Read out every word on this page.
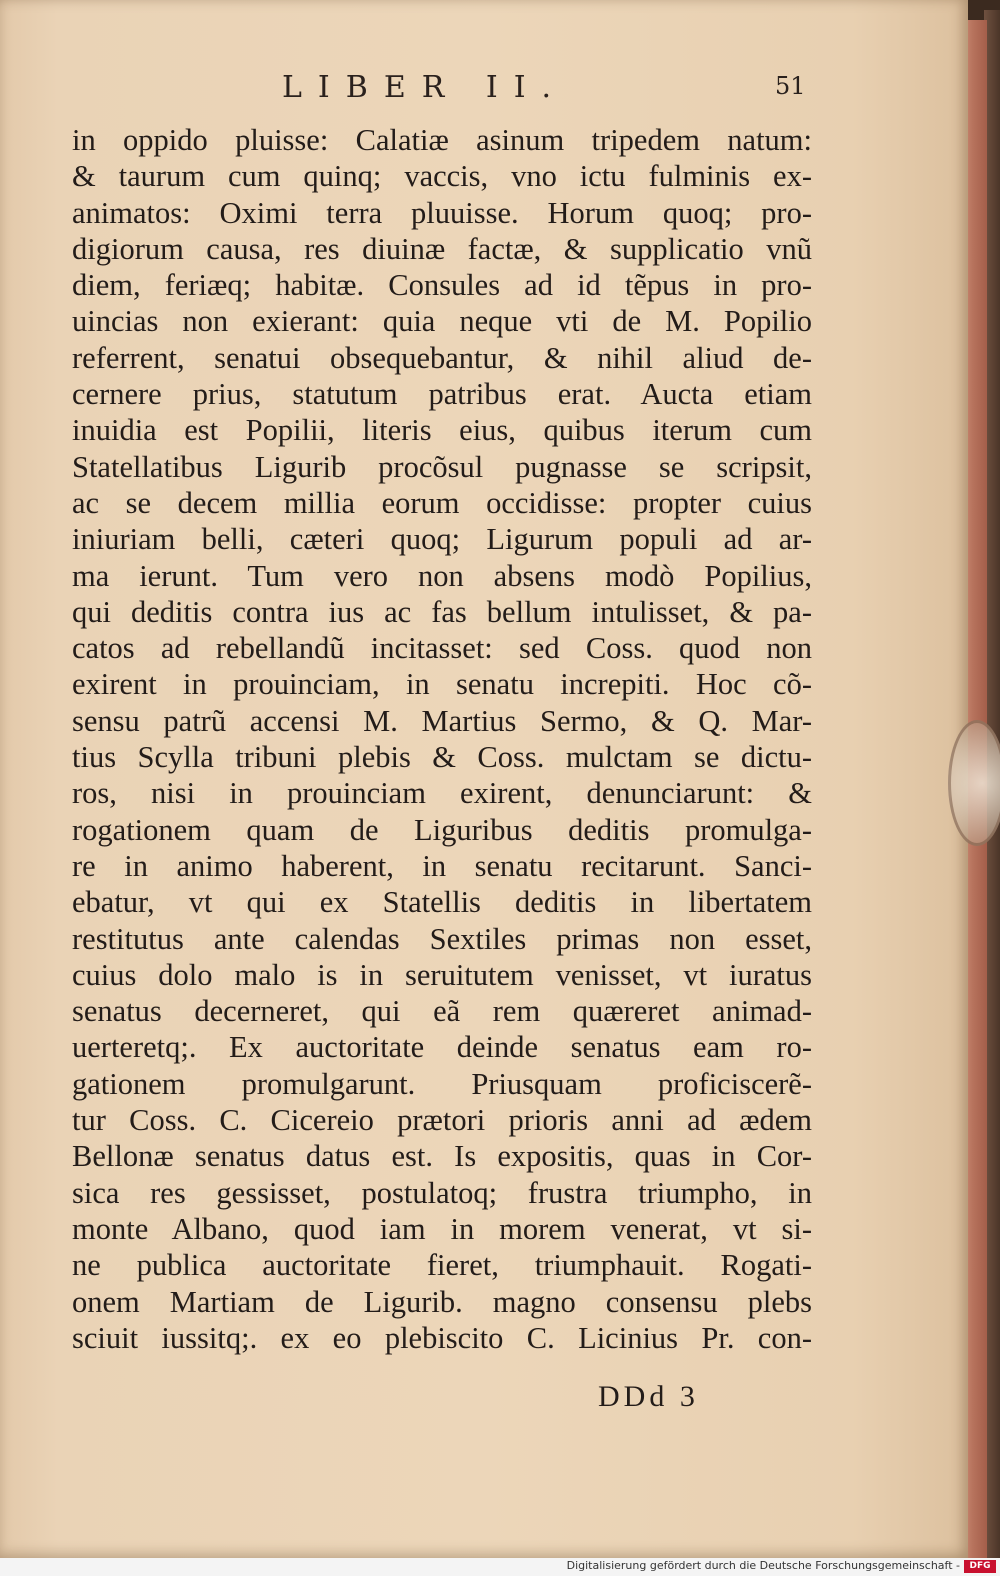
LIBER II.	51
in oppido pluisse: Calatiæ asinum tripedem natum:
& taurum cum quinq; vaccis, vno ictu fulminis ex-
animatos: Oximi terra pluuisse. Horum quoq; pro-
digiorum causa, res diuinæ factæ, & supplicatio vnũ
diem, feriæq; habitæ. Consules ad id tẽpus in pro-
uincias non exierant: quia neque vti de M. Popilio
referrent, senatui obsequebantur, & nihil aliud de-
cernere prius, statutum patribus erat. Aucta etiam
inuidia est Popilii, literis eius, quibus iterum cum
Statellatibus Ligurib procõsul pugnasse se scripsit,
ac se decem millia eorum occidisse: propter cuius
iniuriam belli, cæteri quoq; Ligurum populi ad ar-
ma ierunt. Tum vero non absens modò Popilius,
qui deditis contra ius ac fas bellum intulisset, & pa-
catos ad rebellandũ incitasset: sed Coss. quod non
exirent in prouinciam, in senatu increpiti. Hoc cõ-
sensu patrũ accensi M. Martius Sermo, & Q. Mar-
tius Scylla tribuni plebis & Coss. mulctam se dictu-
ros, nisi in prouinciam exirent, denunciarunt: &
rogationem quam de Liguribus deditis promulga-
re in animo haberent, in senatu recitarunt. Sanci-
ebatur, vt qui ex Statellis deditis in libertatem
restitutus ante calendas Sextiles primas non esset,
cuius dolo malo is in seruitutem venisset, vt iuratus
senatus decerneret, qui eã rem quæreret animad-
uerteretq;. Ex auctoritate deinde senatus eam ro-
gationem promulgarunt. Priusquam proficiscerẽ-
tur Coss. C. Cicereio prætori prioris anni ad ædem
Bellonæ senatus datus est. Is expositis, quas in Cor-
sica res gessisset, postulatoq; frustra triumpho, in
monte Albano, quod iam in morem venerat, vt si-
ne publica auctoritate fieret, triumphauit. Rogati-
onem Martiam de Ligurib. magno consensu plebs
sciuit iussitq;. ex eo plebiscito C. Licinius Pr. con-
DDd 3
Digitalisierung gefördert durch die Deutsche Forschungsgemeinschaft -	DFG
